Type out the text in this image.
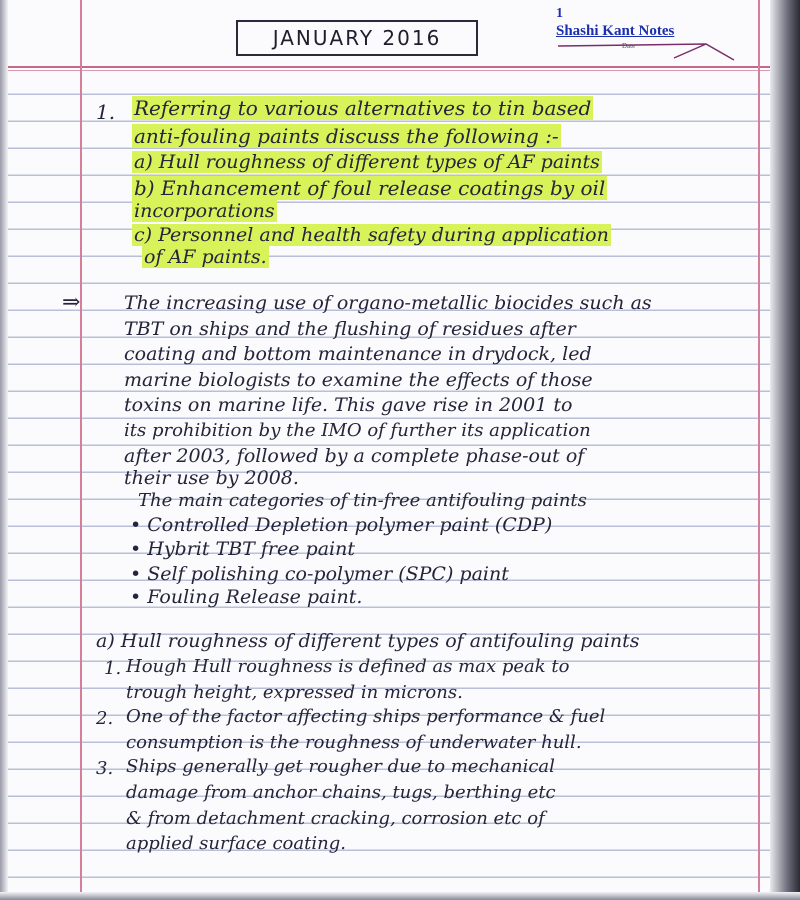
JANUARY 2016
1
Shashi Kant Notes
Date
1. Referring to various alternatives to tin based

anti-fouling paints discuss the following :-

a) Hull roughness of different types of AF paints

b) Enhancement of foul release coatings by oil

incorporations

c) Personnel and health safety during application

of AF paints.

⇒ The increasing use of organo-metallic biocides such as

TBT on ships and the flushing of residues after

coating and bottom maintenance in drydock, led

marine biologists to examine the effects of those

toxins on marine life. This gave rise in 2001 to

its prohibition by the IMO of further its application

after 2003, followed by a complete phase-out of

their use by 2008.

The main categories of tin-free antifouling paints

• Controlled Depletion polymer paint (CDP)

• Hybrit TBT free paint

• Self polishing co-polymer (SPC) paint

• Fouling Release paint.

a) Hull roughness of different types of antifouling paints

1. Hough Hull roughness is defined as max peak to

trough height, expressed in microns.

2. One of the factor affecting ships performance & fuel

consumption is the roughness of underwater hull.

3. Ships generally get rougher due to mechanical

damage from anchor chains, tugs, berthing etc

& from detachment cracking, corrosion etc of

applied surface coating.
